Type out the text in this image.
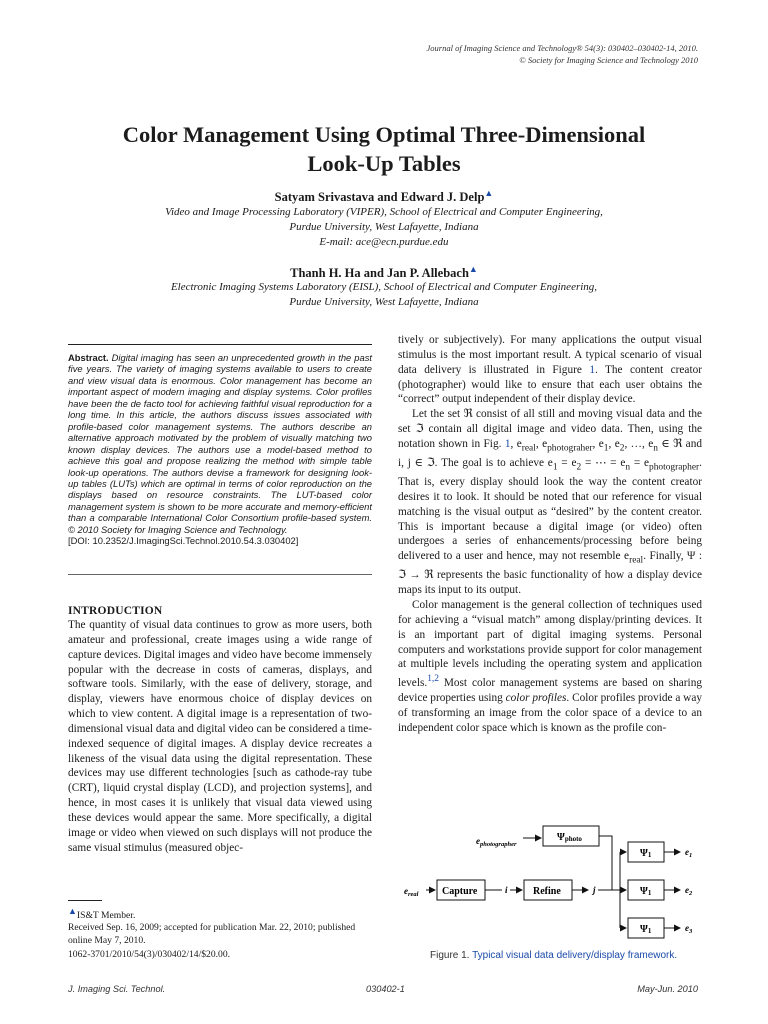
Journal of Imaging Science and Technology® 54(3): 030402–030402-14, 2010.
© Society for Imaging Science and Technology 2010
Color Management Using Optimal Three-Dimensional
Look-Up Tables
Satyam Srivastava and Edward J. Delp▲
Video and Image Processing Laboratory (VIPER), School of Electrical and Computer Engineering,
Purdue University, West Lafayette, Indiana
E-mail: ace@ecn.purdue.edu
Thanh H. Ha and Jan P. Allebach▲
Electronic Imaging Systems Laboratory (EISL), School of Electrical and Computer Engineering,
Purdue University, West Lafayette, Indiana
Abstract. Digital imaging has seen an unprecedented growth in the past five years. The variety of imaging systems available to users to create and view visual data is enormous. Color management has become an important aspect of modern imaging and display systems. Color profiles have been the de facto tool for achieving faithful visual reproduction for a long time. In this article, the authors discuss issues associated with profile-based color management systems. The authors describe an alternative approach motivated by the problem of visually matching two known display devices. The authors use a model-based method to achieve this goal and propose realizing the method with simple table look-up operations. The authors devise a framework for designing look-up tables (LUTs) which are optimal in terms of color reproduction on the displays based on resource constraints. The LUT-based color management system is shown to be more accurate and memory-efficient than a comparable International Color Consortium profile-based system. © 2010 Society for Imaging Science and Technology.
[DOI: 10.2352/J.ImagingSci.Technol.2010.54.3.030402]
INTRODUCTION

The quantity of visual data continues to grow as more users, both amateur and professional, create images using a wide range of capture devices. Digital images and video have become immensely popular with the decrease in costs of cameras, displays, and software tools. Similarly, with the ease of delivery, storage, and display, viewers have enormous choice of display devices on which to view content. A digital image is a representation of two-dimensional visual data and digital video can be considered a time-indexed sequence of digital images. A display device recreates a likeness of the visual data using the digital representation. These devices may use different technologies [such as cathode-ray tube (CRT), liquid crystal display (LCD), and projection systems], and hence, in most cases it is unlikely that visual data viewed using these devices would appear the same. More specifically, a digital image or video when viewed on such displays will not produce the same visual stimulus (measured objec-

▲IS&T Member.
Received Sep. 16, 2009; accepted for publication Mar. 22, 2010; published online May 7, 2010.
1062-3701/2010/54(3)/030402/14/$20.00.

tively or subjectively). For many applications the output visual stimulus is the most important result. A typical scenario of visual data delivery is illustrated in Figure 1. The content creator (photographer) would like to ensure that each user obtains the “correct” output independent of their display device.

Let the set ℜ consist of all still and moving visual data and the set ℑ contain all digital image and video data. Then, using the notation shown in Fig. 1, $e_{real}$, $e_{photograher}$, $e_1$, $e_2$, …, $e_n$ ∈ ℜ and i, j ∈ ℑ. The goal is to achieve $e_1 = e_2$ = ⋯ = $e_n = e_{photographer}$. That is, every display should look the way the content creator desires it to look. It should be noted that our reference for visual matching is the visual output as “desired” by the content creator. This is important because a digital image (or video) often undergoes a series of enhancements/processing before being delivered to a user and hence, may not resemble $e_{real}$. Finally, Ψ : ℑ → ℜ represents the basic functionality of how a display device maps its input to its output.

Color management is the general collection of techniques used for achieving a “visual match” among display/printing devices. It is an important part of digital imaging systems. Personal computers and workstations provide support for color management at multiple levels including the operating system and application levels.$^{1,2}$ Most color management systems are based on sharing device properties using color profiles. Color profiles provide a way of transforming an image from the color space of a device to an independent color space which is known as the profile con-

$e_{photographer}$
Ψphoto
$e_{real}$ Capture	i	Refine	j
Ψ1
Ψ1
Ψ1
$e_1$
$e_2$
$e_3$
Figure 1. Typical visual data delivery/display framework.
J. Imaging Sci. Technol.	030402-1	May-Jun. 2010
